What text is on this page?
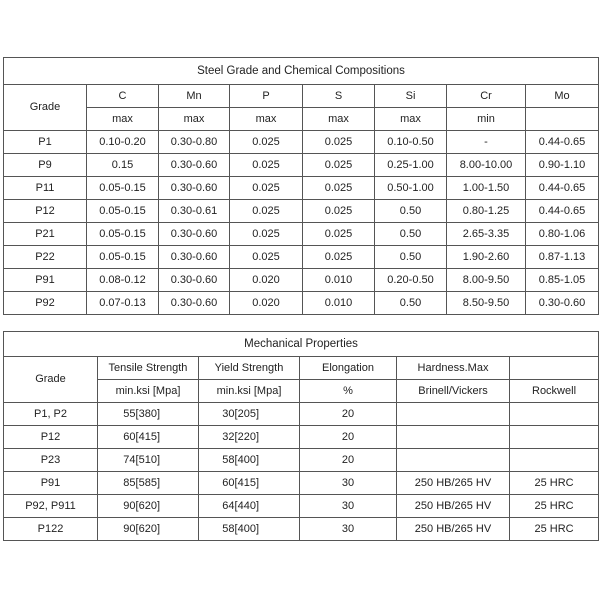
Steel Grade and Chemical Compositions							
Grade	C	Mn	P	S	Si	Cr	Mo
	max	max	max	max	max	min	
P1	0.10-0.20	0.30-0.80	0.025	0.025	0.10-0.50	-	0.44-0.65
P9	0.15	0.30-0.60	0.025	0.025	0.25-1.00	8.00-10.00	0.90-1.10
P11	0.05-0.15	0.30-0.60	0.025	0.025	0.50-1.00	1.00-1.50	0.44-0.65
P12	0.05-0.15	0.30-0.61	0.025	0.025	0.50	0.80-1.25	0.44-0.65
P21	0.05-0.15	0.30-0.60	0.025	0.025	0.50	2.65-3.35	0.80-1.06
P22	0.05-0.15	0.30-0.60	0.025	0.025	0.50	1.90-2.60	0.87-1.13
P91	0.08-0.12	0.30-0.60	0.020	0.010	0.20-0.50	8.00-9.50	0.85-1.05
P92	0.07-0.13	0.30-0.60	0.020	0.010	0.50	8.50-9.50	0.30-0.60
Mechanical Properties					
Grade	Tensile Strength	Yield Strength	Elongation	Hardness.Max	
	min.ksi [Mpa]	min.ksi [Mpa]	%	Brinell/Vickers	Rockwell
P1, P2	55[380]	30[205]	20		
P12	60[415]	32[220]	20		
P23	74[510]	58[400]	20		
P91	85[585]	60[415]	30	250 HB/265 HV	25 HRC
P92, P911	90[620]	64[440]	30	250 HB/265 HV	25 HRC
P122	90[620]	58[400]	30	250 HB/265 HV	25 HRC
